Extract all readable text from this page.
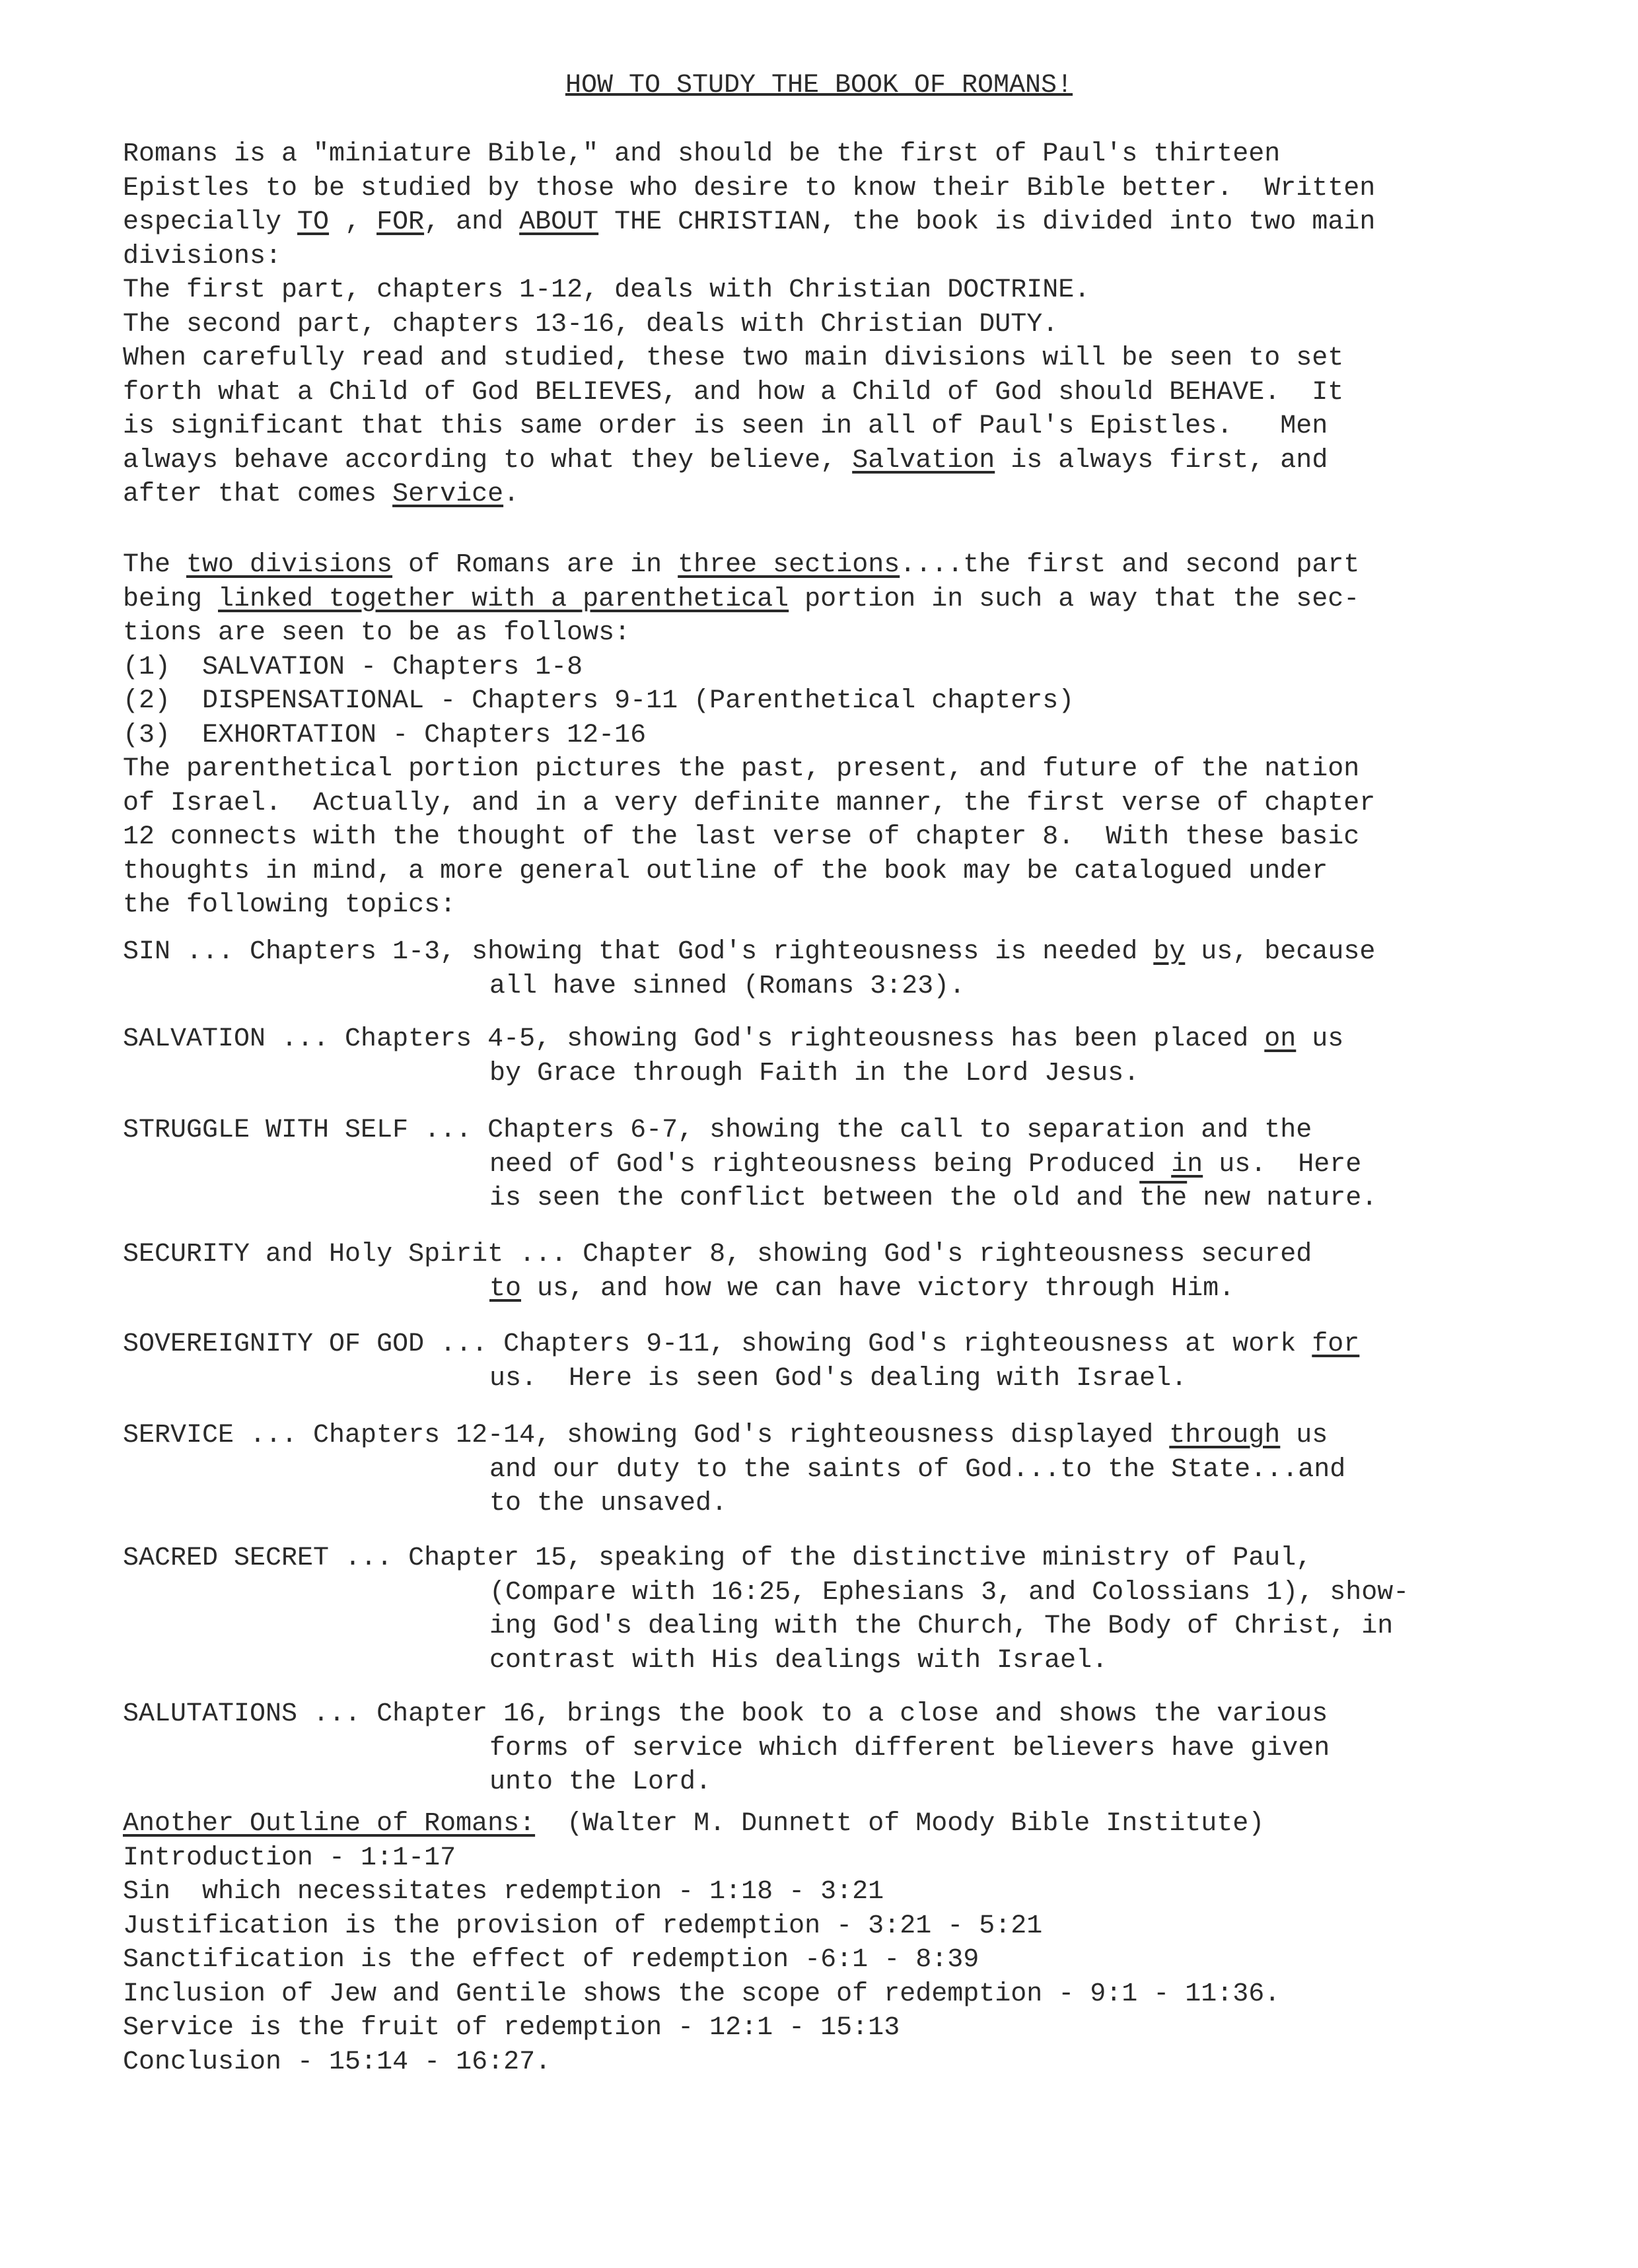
HOW TO STUDY THE BOOK OF ROMANS!
Romans is a "miniature Bible," and should be the first of Paul's thirteen
Epistles to be studied by those who desire to know their Bible better.  Written
especially TO , FOR, and ABOUT THE CHRISTIAN, the book is divided into two main
divisions:
The first part, chapters 1-12, deals with Christian DOCTRINE.
The second part, chapters 13-16, deals with Christian DUTY.
When carefully read and studied, these two main divisions will be seen to set
forth what a Child of God BELIEVES, and how a Child of God should BEHAVE.  It
is significant that this same order is seen in all of Paul's Epistles.   Men
always behave according to what they believe, Salvation is always first, and
after that comes Service.
The two divisions of Romans are in three sections....the first and second part
being linked together with a parenthetical portion in such a way that the sec-
tions are seen to be as follows:
(1)  SALVATION - Chapters 1-8
(2)  DISPENSATIONAL - Chapters 9-11 (Parenthetical chapters)
(3)  EXHORTATION - Chapters 12-16
The parenthetical portion pictures the past, present, and future of the nation
of Israel.  Actually, and in a very definite manner, the first verse of chapter
12 connects with the thought of the last verse of chapter 8.  With these basic
thoughts in mind, a more general outline of the book may be catalogued under
the following topics:
SIN ... Chapters 1-3, showing that God's righteousness is needed by us, because
all have sinned (Romans 3:23).
SALVATION ... Chapters 4-5, showing God's righteousness has been placed on us
by Grace through Faith in the Lord Jesus.
STRUGGLE WITH SELF ... Chapters 6-7, showing the call to separation and the
need of God's righteousness being Produced in us.  Here
is seen the conflict between the old and $\overline{the}$ new nature.
SECURITY and Holy Spirit ... Chapter 8, showing God's righteousness secured
to us, and how we can have victory through Him.
SOVEREIGNITY OF GOD ... Chapters 9-11, showing God's righteousness at work for
us.  Here is seen God's dealing with Israel.
SERVICE ... Chapters 12-14, showing God's righteousness displayed through us
and our duty to the saints of God...to the State...and
to the unsaved.
SACRED SECRET ... Chapter 15, speaking of the distinctive ministry of Paul,
(Compare with 16:25, Ephesians 3, and Colossians 1), show-
ing God's dealing with the Church, The Body of Christ, in
contrast with His dealings with Israel.
SALUTATIONS ... Chapter 16, brings the book to a close and shows the various
forms of service which different believers have given
unto the Lord.
Another Outline of Romans:  (Walter M. Dunnett of Moody Bible Institute)
Introduction - 1:1-17
Sin  which necessitates redemption - 1:18 - 3:21
Justification is the provision of redemption - 3:21 - 5:21
Sanctification is the effect of redemption -6:1 - 8:39
Inclusion of Jew and Gentile shows the scope of redemption - 9:1 - 11:36.
Service is the fruit of redemption - 12:1 - 15:13
Conclusion - 15:14 - 16:27.
